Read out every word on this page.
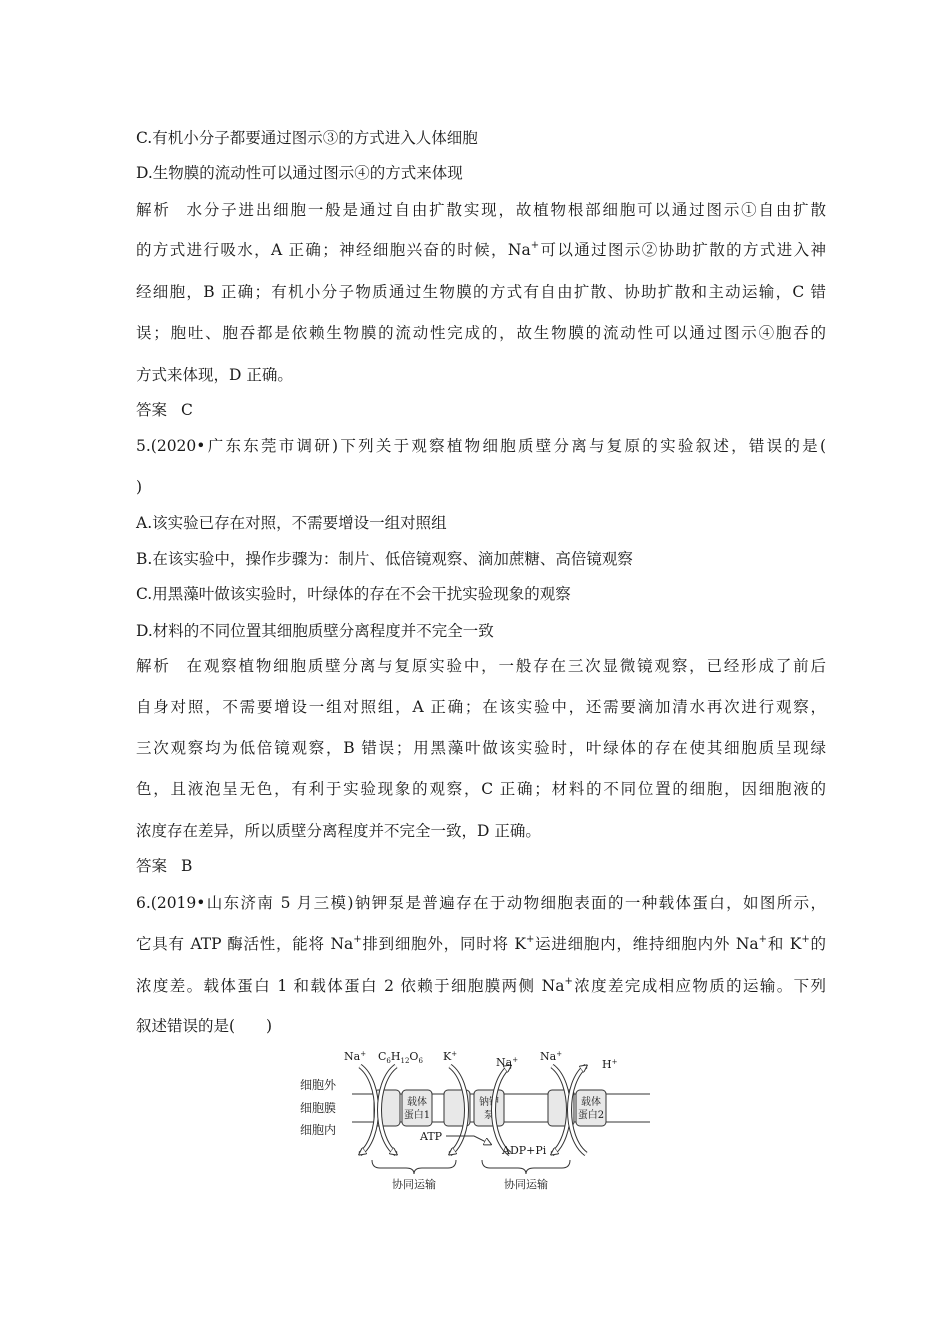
C.有机小分子都要通过图示③的方式进入人体细胞
D.生物膜的流动性可以通过图示④的方式来体现
解析 水分子进出细胞一般是通过自由扩散实现，故植物根部细胞可以通过图示①自由扩散
的方式进行吸水，A 正确；神经细胞兴奋的时候，Na+可以通过图示②协助扩散的方式进入神
经细胞，B 正确；有机小分子物质通过生物膜的方式有自由扩散、协助扩散和主动运输，C 错
误；胞吐、胞吞都是依赖生物膜的流动性完成的，故生物膜的流动性可以通过图示④胞吞的
方式来体现，D 正确。
答案 C
5.(2020•广东东莞市调研)下列关于观察植物细胞质壁分离与复原的实验叙述，错误的是(
)
A.该实验已存在对照，不需要增设一组对照组
B.在该实验中，操作步骤为：制片、低倍镜观察、滴加蔗糖、高倍镜观察
C.用黑藻叶做该实验时，叶绿体的存在不会干扰实验现象的观察
D.材料的不同位置其细胞质壁分离程度并不完全一致
解析 在观察植物细胞质壁分离与复原实验中，一般存在三次显微镜观察，已经形成了前后
自身对照，不需要增设一组对照组，A 正确；在该实验中，还需要滴加清水再次进行观察，
三次观察均为低倍镜观察，B 错误；用黑藻叶做该实验时，叶绿体的存在使其细胞质呈现绿
色，且液泡呈无色，有利于实验现象的观察，C 正确；材料的不同位置的细胞，因细胞液的
浓度存在差异，所以质壁分离程度并不完全一致，D 正确。
答案 B
6.(2019•山东济南 5 月三模)钠钾泵是普遍存在于动物细胞表面的一种载体蛋白，如图所示，
它具有 ATP 酶活性，能将 Na+排到细胞外，同时将 K+运进细胞内，维持细胞内外 Na+和 K+的
浓度差。载体蛋白 1 和载体蛋白 2 依赖于细胞膜两侧 Na+浓度差完成相应物质的运输。下列
叙述错误的是(　　)
细胞外
细胞膜
细胞内
载体
蛋白1
钠钾
泵
载体
蛋白2
Na+ $C_6H_{12}O_6$ K+
Na+ Na+
H+
ATP
ADP+Pi
协同运输	协同运输
